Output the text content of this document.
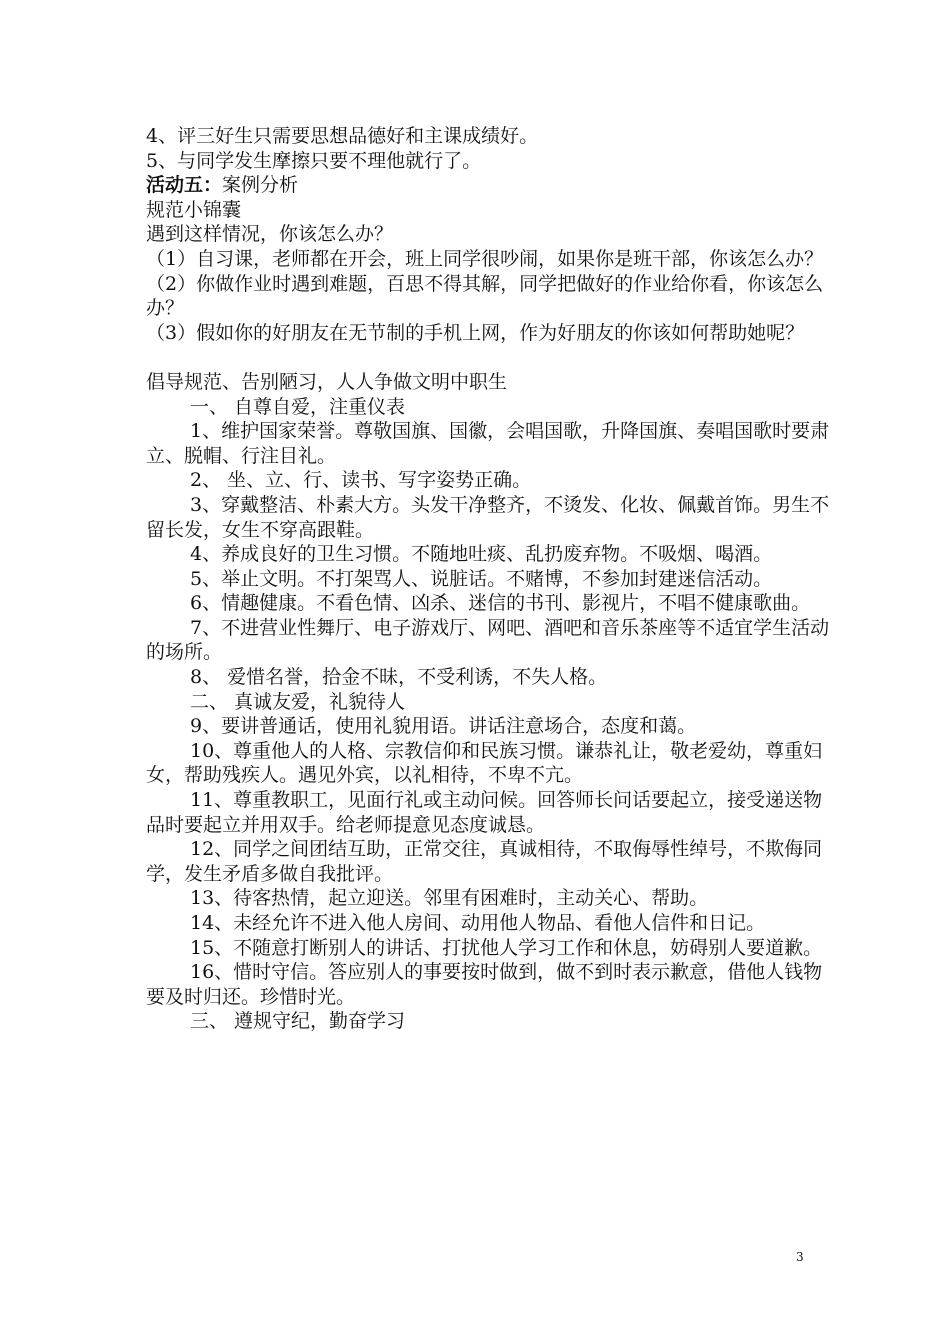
4、评三好生只需要思想品德好和主课成绩好。

5、与同学发生摩擦只要不理他就行了。

活动五：案例分析

规范小锦囊

遇到这样情况，你该怎么办？

（1）自习课，老师都在开会，班上同学很吵闹，如果你是班干部，你该怎么办？

（2）你做作业时遇到难题，百思不得其解，同学把做好的作业给你看，你该怎么办？

（3）假如你的好朋友在无节制的手机上网，作为好朋友的你该如何帮助她呢？

倡导规范、告别陋习，人人争做文明中职生

一、 自尊自爱，注重仪表

1、维护国家荣誉。尊敬国旗、国徽，会唱国歌，升降国旗、奏唱国歌时要肃立、脱帽、行注目礼。

2、 坐、立、行、读书、写字姿势正确。

3、穿戴整洁、朴素大方。头发干净整齐，不烫发、化妆、佩戴首饰。男生不留长发，女生不穿高跟鞋。

4、养成良好的卫生习惯。不随地吐痰、乱扔废弃物。不吸烟、喝酒。

5、举止文明。不打架骂人、说脏话。不赌博，不参加封建迷信活动。

6、情趣健康。不看色情、凶杀、迷信的书刊、影视片，不唱不健康歌曲。

7、不进营业性舞厅、电子游戏厅、网吧、酒吧和音乐茶座等不适宜学生活动的场所。

8、 爱惜名誉，拾金不昧，不受利诱，不失人格。

二、 真诚友爱，礼貌待人

9、要讲普通话，使用礼貌用语。讲话注意场合，态度和蔼。

10、尊重他人的人格、宗教信仰和民族习惯。谦恭礼让，敬老爱幼，尊重妇女，帮助残疾人。遇见外宾，以礼相待，不卑不亢。

11、尊重教职工，见面行礼或主动问候。回答师长问话要起立，接受递送物品时要起立并用双手。给老师提意见态度诚恳。

12、同学之间团结互助，正常交往，真诚相待，不取侮辱性绰号，不欺侮同学，发生矛盾多做自我批评。

13、待客热情，起立迎送。邻里有困难时，主动关心、帮助。

14、未经允许不进入他人房间、动用他人物品、看他人信件和日记。

15、不随意打断别人的讲话、打扰他人学习工作和休息，妨碍别人要道歉。

16、惜时守信。答应别人的事要按时做到，做不到时表示歉意，借他人钱物要及时归还。珍惜时光。

三、 遵规守纪，勤奋学习

3
